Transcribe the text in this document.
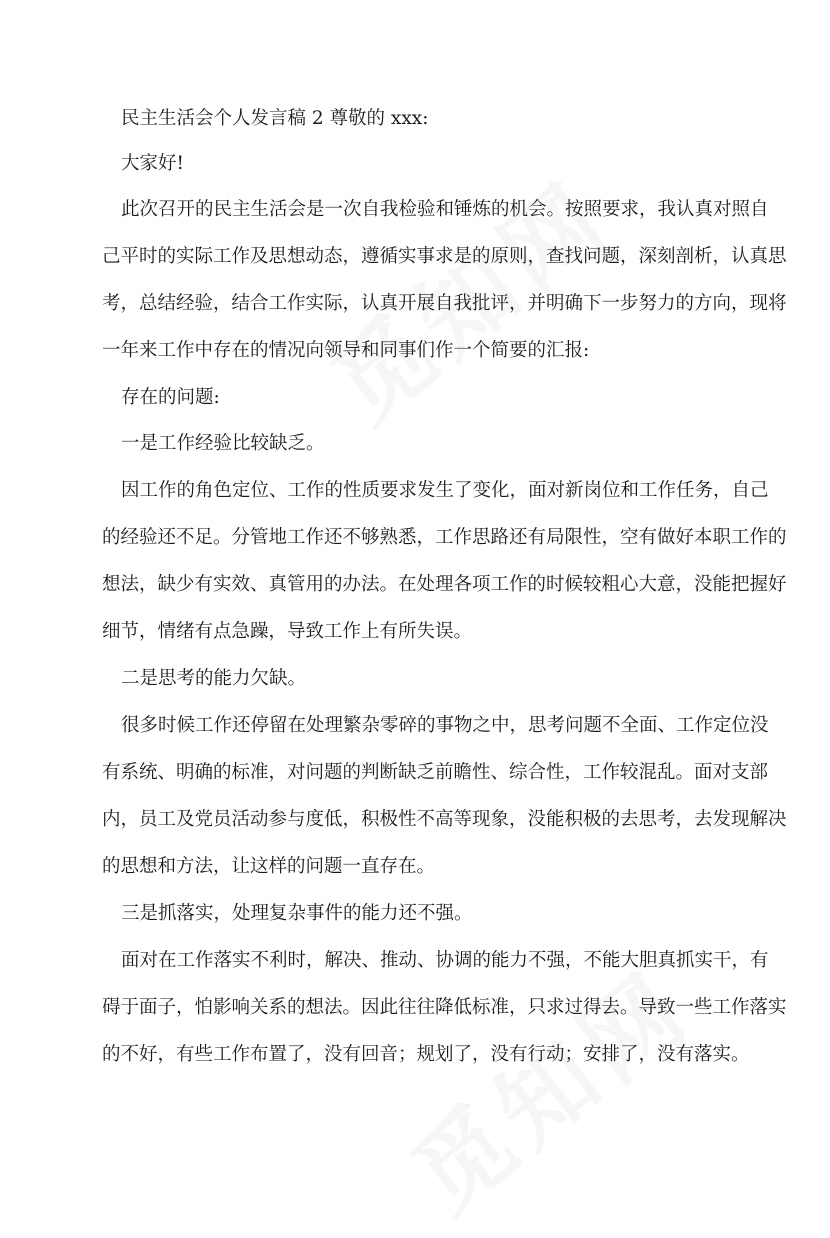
民主生活会个人发言稿 2 尊敬的 xxx:
大家好!
此次召开的民主生活会是一次自我检验和锤炼的机会。按照要求，我认真对照自
己平时的实际工作及思想动态，遵循实事求是的原则，查找问题，深刻剖析，认真思
考，总结经验，结合工作实际，认真开展自我批评，并明确下一步努力的方向，现将
一年来工作中存在的情况向领导和同事们作一个简要的汇报:
存在的问题:
一是工作经验比较缺乏。
因工作的角色定位、工作的性质要求发生了变化，面对新岗位和工作任务，自己
的经验还不足。分管地工作还不够熟悉，工作思路还有局限性，空有做好本职工作的
想法，缺少有实效、真管用的办法。在处理各项工作的时候较粗心大意，没能把握好
细节，情绪有点急躁，导致工作上有所失误。
二是思考的能力欠缺。
很多时候工作还停留在处理繁杂零碎的事物之中，思考问题不全面、工作定位没
有系统、明确的标准，对问题的判断缺乏前瞻性、综合性，工作较混乱。面对支部
内，员工及党员活动参与度低，积极性不高等现象，没能积极的去思考，去发现解决
的思想和方法，让这样的问题一直存在。
三是抓落实，处理复杂事件的能力还不强。
面对在工作落实不利时，解决、推动、协调的能力不强，不能大胆真抓实干，有
碍于面子，怕影响关系的想法。因此往往降低标准，只求过得去。导致一些工作落实
的不好，有些工作布置了，没有回音；规划了，没有行动；安排了，没有落实。
